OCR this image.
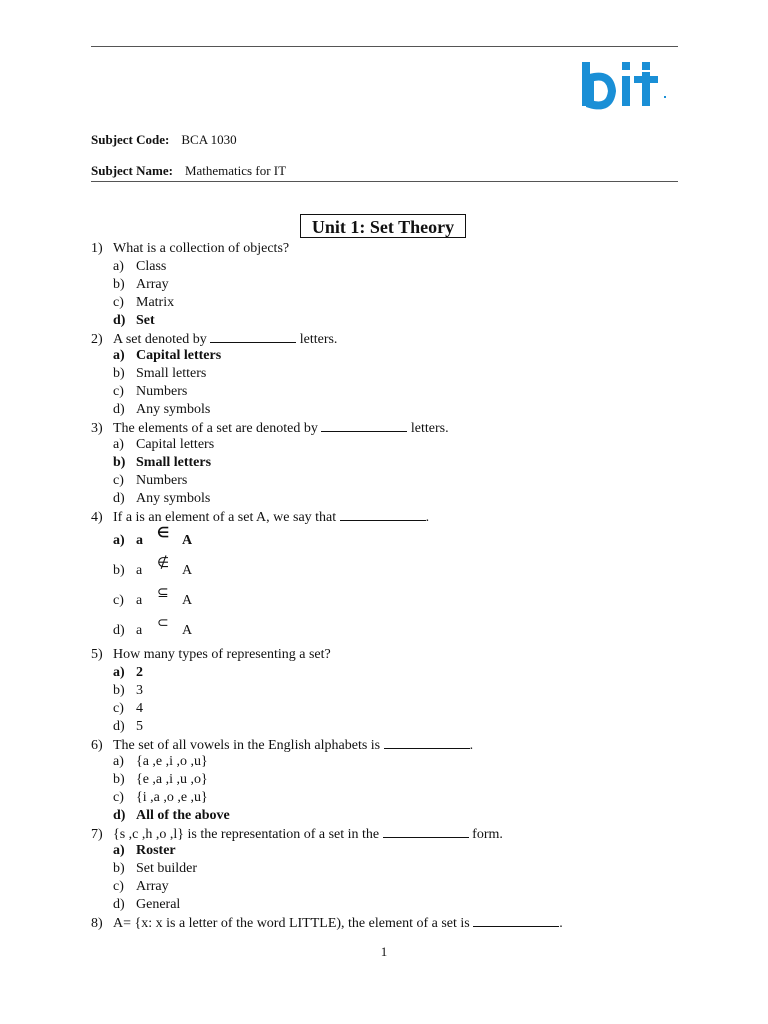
Subject Code: BCA 1030
Subject Name: Mathematics for IT
Unit 1: Set Theory
1) What is a collection of objects?
a) Class
b) Array
c) Matrix
d) Set
2) A set denoted by	letters.
a) Capital letters
b) Small letters
c) Numbers
d) Any symbols
3) The elements of a set are denoted by	letters.
a) Capital letters
b) Small letters
c) Numbers
d) Any symbols
4) If a is an element of a set A, we say that	.
a) a ∈ A
b) a ∉ A
c) a ⊆ A
d) a ⊂ A
5) How many types of representing a set?
a) 2
b) 3
c) 4
d) 5
6) The set of all vowels in the English alphabets is	.
a) {a ,e ,i ,o ,u}
b) {e ,a ,i ,u ,o}
c) {i ,a ,o ,e ,u}
d) All of the above
7) {s ,c ,h ,o ,l} is the representation of a set in the	form.
a) Roster
b) Set builder
c) Array
d) General
8) A= {x: x is a letter of the word LITTLE), the element of a set is	.
1
